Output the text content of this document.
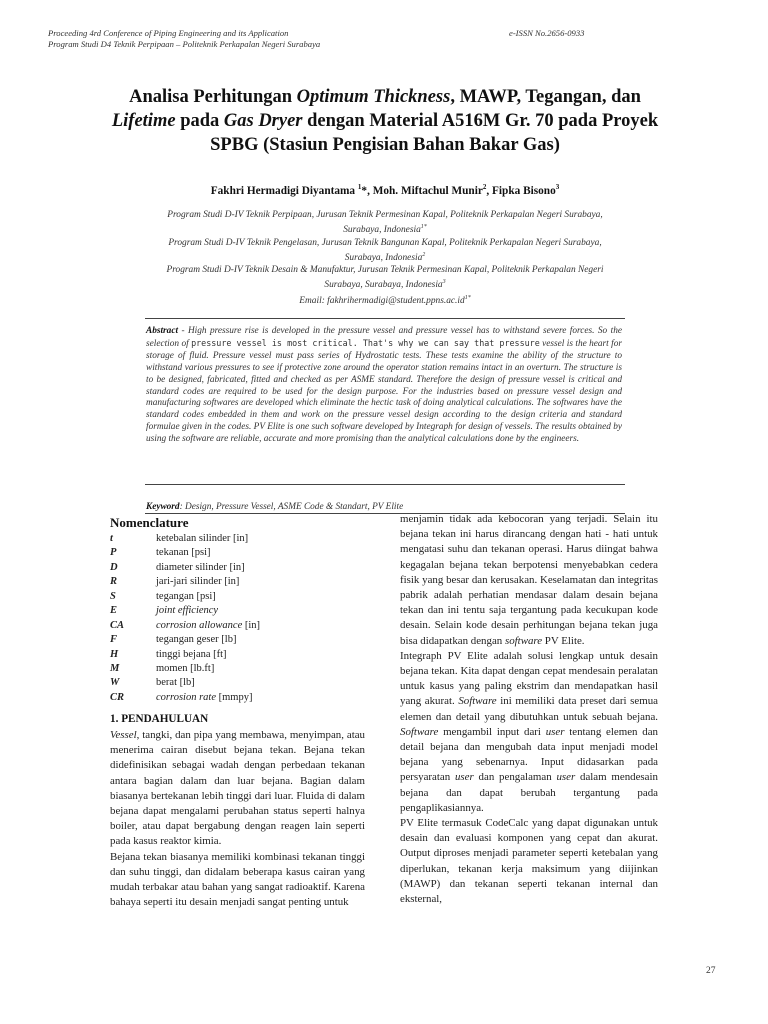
Proceeding 4rd Conference of Piping Engineering and its Application
Program Studi D4 Teknik Perpipaan – Politeknik Perkapalan Negeri Surabaya
e-ISSN No.2656-0933
Analisa Perhitungan Optimum Thickness, MAWP, Tegangan, dan
Lifetime pada Gas Dryer dengan Material A516M Gr. 70 pada Proyek SPBG (Stasiun Pengisian Bahan Bakar Gas)
Fakhri Hermadigi Diyantama $^1$*, Moh. Miftachul Munir$^2$, Fipka Bisono$^3$
Program Studi D-IV Teknik Perpipaan, Jurusan Teknik Permesinan Kapal, Politeknik Perkapalan Negeri Surabaya,
Surabaya, Indonesia$^{1*}$
Program Studi D-IV Teknik Pengelasan, Jurusan Teknik Bangunan Kapal, Politeknik Perkapalan Negeri Surabaya,
Surabaya, Indonesia$^2$
Program Studi D-IV Teknik Desain & Manufaktur, Jurusan Teknik Permesinan Kapal, Politeknik Perkapalan Negeri
Surabaya, Surabaya, Indonesia$^3$
Email: $fakhrihermadigi@student.ppns.ac.id^{1*}$
Abstract - High pressure rise is developed in the pressure vessel and pressure vessel has to withstand severe forces. So the selection of pressure vessel is most critical. That's why we can say that pressure vessel is the heart for storage of fluid. Pressure vessel must pass series of Hydrostatic tests. These tests examine the ability of the structure to withstand various pressures to see if protective zone around the operator station remains intact in an overturn. The structure is to be designed, fabricated, fitted and checked as per ASME standard. Therefore the design of pressure vessel is critical and standard codes are required to be used for the design purpose. For the industries based on pressure vessel design and manufacturing softwares are developed which eliminate the hectic task of doing analytical calculations. The softwares have the standard codes embedded in them and work on the pressure vessel design according to the design criteria and standard formulae given in the codes. PV Elite is one such software developed by Integraph for design of vessels. The results obtained by using the software are reliable, accurate and more promising than the analytical calculations done by the engineers.
Keyword: Design, Pressure Vessel, ASME Code & Standart, PV Elite
Nomenclature
t	ketebalan silinder [in]
P	tekanan [psi]
D	diameter silinder [in]
R	jari-jari silinder [in]
S	tegangan [psi]
E	joint efficiency
CA	corrosion allowance [in]
F	tegangan geser [lb]
H	tinggi bejana [ft]
M	momen [lb.ft]
W	berat [lb]
CR	corrosion rate [mmpy]
1. PENDAHULUAN

Vessel, tangki, dan pipa yang membawa, menyimpan, atau menerima cairan disebut bejana tekan. Bejana tekan didefinisikan sebagai wadah dengan perbedaan tekanan antara bagian dalam dan luar bejana. Bagian dalam biasanya bertekanan lebih tinggi dari luar. Fluida di dalam bejana dapat mengalami perubahan status seperti halnya boiler, atau dapat bergabung dengan reagen lain seperti pada kasus reaktor kimia.

Bejana tekan biasanya memiliki kombinasi tekanan tinggi dan suhu tinggi, dan didalam beberapa kasus cairan yang mudah terbakar atau bahan yang sangat radioaktif. Karena bahaya seperti itu desain menjadi sangat penting untuk

menjamin tidak ada kebocoran yang terjadi. Selain itu bejana tekan ini harus dirancang dengan hati - hati untuk mengatasi suhu dan tekanan operasi. Harus diingat bahwa kegagalan bejana tekan berpotensi menyebabkan cedera fisik yang besar dan kerusakan. Keselamatan dan integritas pabrik adalah perhatian mendasar dalam desain bejana tekan dan ini tentu saja tergantung pada kecukupan kode desain. Selain kode desain perhitungan bejana tekan juga bisa didapatkan dengan software PV Elite.

Integraph PV Elite adalah solusi lengkap untuk desain bejana tekan. Kita dapat dengan cepat mendesain peralatan untuk kasus yang paling ekstrim dan mendapatkan hasil yang akurat. Software ini memiliki data preset dari semua elemen dan detail yang dibutuhkan untuk sebuah bejana. Software mengambil input dari user tentang elemen dan detail bejana dan mengubah data input menjadi model bejana yang sebenarnya. Input didasarkan pada persyaratan user dan pengalaman user dalam mendesain bejana dan dapat berubah tergantung pada pengaplikasiannya.

PV Elite termasuk CodeCalc yang dapat digunakan untuk desain dan evaluasi komponen yang cepat dan akurat. Output diproses menjadi parameter seperti ketebalan yang diperlukan, tekanan kerja maksimum yang diijinkan (MAWP) dan tekanan seperti tekanan internal dan eksternal,

27
